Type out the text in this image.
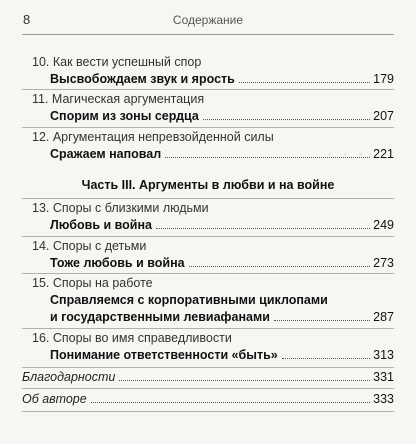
8	Содержание
· · ·
10. Как вести успешный спор
Высвобождаем звук и ярость	179
11. Магическая аргументация
Спорим из зоны сердца	207
12. Аргументация непревзойденной силы
Сражаем наповал	221
Часть III. Аргументы в любви и на войне
13. Споры с близкими людьми
Любовь и война	249
14. Споры с детьми
Тоже любовь и война	273
15. Споры на работе
Справляемся с корпоративными циклопами
и государственными левиафанами	287
16. Споры во имя справедливости
Понимание ответственности «быть»	313
Благодарности	331
Об авторе	333
